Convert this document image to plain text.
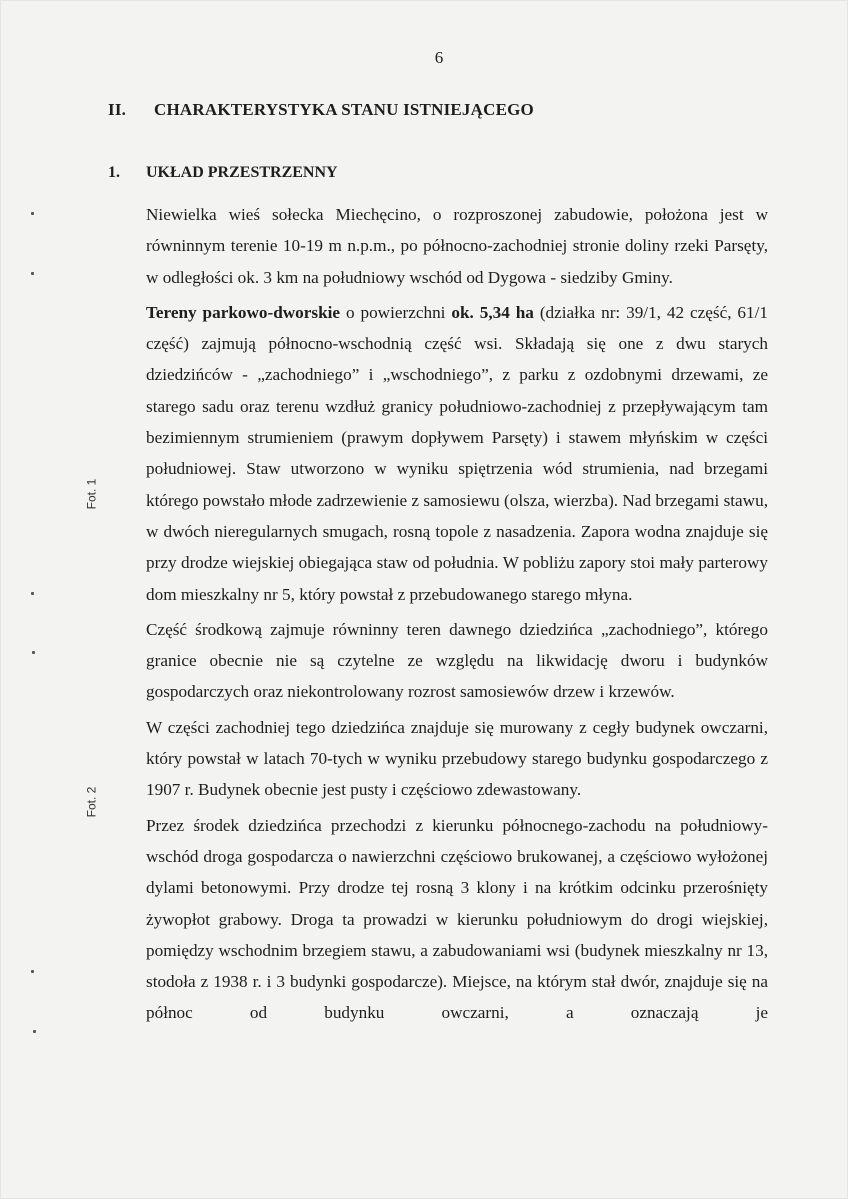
6
II. CHARAKTERYSTYKA STANU ISTNIEJĄCEGO
1. UKŁAD PRZESTRZENNY

Niewielka wieś sołecka Miechęcino, o rozproszonej zabudowie, położona jest w równinnym terenie 10-19 m n.p.m., po północno-zachodniej stronie doliny rzeki Parsęty, w odległości ok. 3 km na południowy wschód od Dygowa - siedziby Gminy.

Tereny parkowo-dworskie o powierzchni ok. 5,34 ha (działka nr: 39/1, 42 część, 61/1 część) zajmują północno-wschodnią część wsi. Składają się one z dwu starych dziedzińców - „zachodniego” i „wschodniego”, z parku z ozdobnymi drzewami, ze starego sadu oraz terenu wzdłuż granicy południowo-zachodniej z przepływającym tam bezimiennym strumieniem (prawym dopływem Parsęty) i stawem młyńskim w części południowej. Staw utworzono w wyniku spiętrzenia wód strumienia, nad brzegami którego powstało młode zadrzewienie z samosiewu (olsza, wierzba). Nad brzegami stawu, w dwóch nieregularnych smugach, rosną topole z nasadzenia. Zapora wodna znajduje się przy drodze wiejskiej obiegająca staw od południa. W pobliżu zapory stoi mały parterowy dom mieszkalny nr 5, który powstał z przebudowanego starego młyna.

Część środkową zajmuje równinny teren dawnego dziedzińca „zachodniego”, którego granice obecnie nie są czytelne ze względu na likwidację dworu i budynków gospodarczych oraz niekontrolowany rozrost samosiewów drzew i krzewów.

W części zachodniej tego dziedzińca znajduje się murowany z cegły budynek owczarni, który powstał w latach 70-tych w wyniku przebudowy starego budynku gospodarczego z 1907 r. Budynek obecnie jest pusty i częściowo zdewastowany.

Przez środek dziedzińca przechodzi z kierunku północnego-zachodu na południowy-wschód droga gospodarcza o nawierzchni częściowo brukowanej, a częściowo wyłożonej dylami betonowymi. Przy drodze tej rosną 3 klony i na krótkim odcinku przerośnięty żywopłot grabowy. Droga ta prowadzi w kierunku południowym do drogi wiejskiej, pomiędzy wschodnim brzegiem stawu, a zabudowaniami wsi (budynek mieszkalny nr 13, stodoła z 1938 r. i 3 budynki gospodarcze). Miejsce, na którym stał dwór, znajduje się na północ od budynku owczarni, a oznaczają je

Fot. 1
Fot. 2
